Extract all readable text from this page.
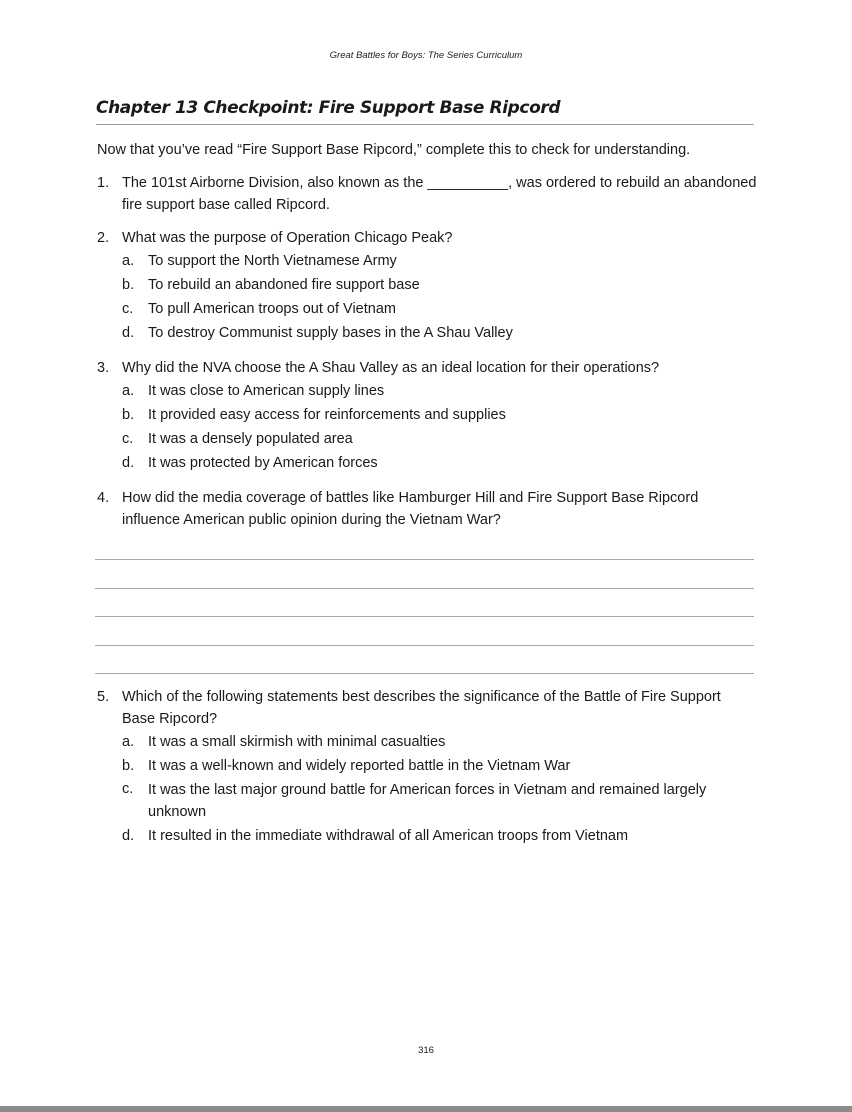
Great Battles for Boys: The Series Curriculum
Chapter 13 Checkpoint: Fire Support Base Ripcord
Now that you’ve read “Fire Support Base Ripcord,” complete this to check for understanding.
1. The 101st Airborne Division, also known as the __________, was ordered to rebuild an abandoned fire support base called Ripcord.
2. What was the purpose of Operation Chicago Peak?
a. To support the North Vietnamese Army
b. To rebuild an abandoned fire support base
c. To pull American troops out of Vietnam
d. To destroy Communist supply bases in the A Shau Valley
3. Why did the NVA choose the A Shau Valley as an ideal location for their operations?
a. It was close to American supply lines
b. It provided easy access for reinforcements and supplies
c. It was a densely populated area
d. It was protected by American forces
4. How did the media coverage of battles like Hamburger Hill and Fire Support Base Ripcord influence American public opinion during the Vietnam War?
5. Which of the following statements best describes the significance of the Battle of Fire Support Base Ripcord?
a. It was a small skirmish with minimal casualties
b. It was a well-known and widely reported battle in the Vietnam War
c. It was the last major ground battle for American forces in Vietnam and remained largely unknown
d. It resulted in the immediate withdrawal of all American troops from Vietnam
316
